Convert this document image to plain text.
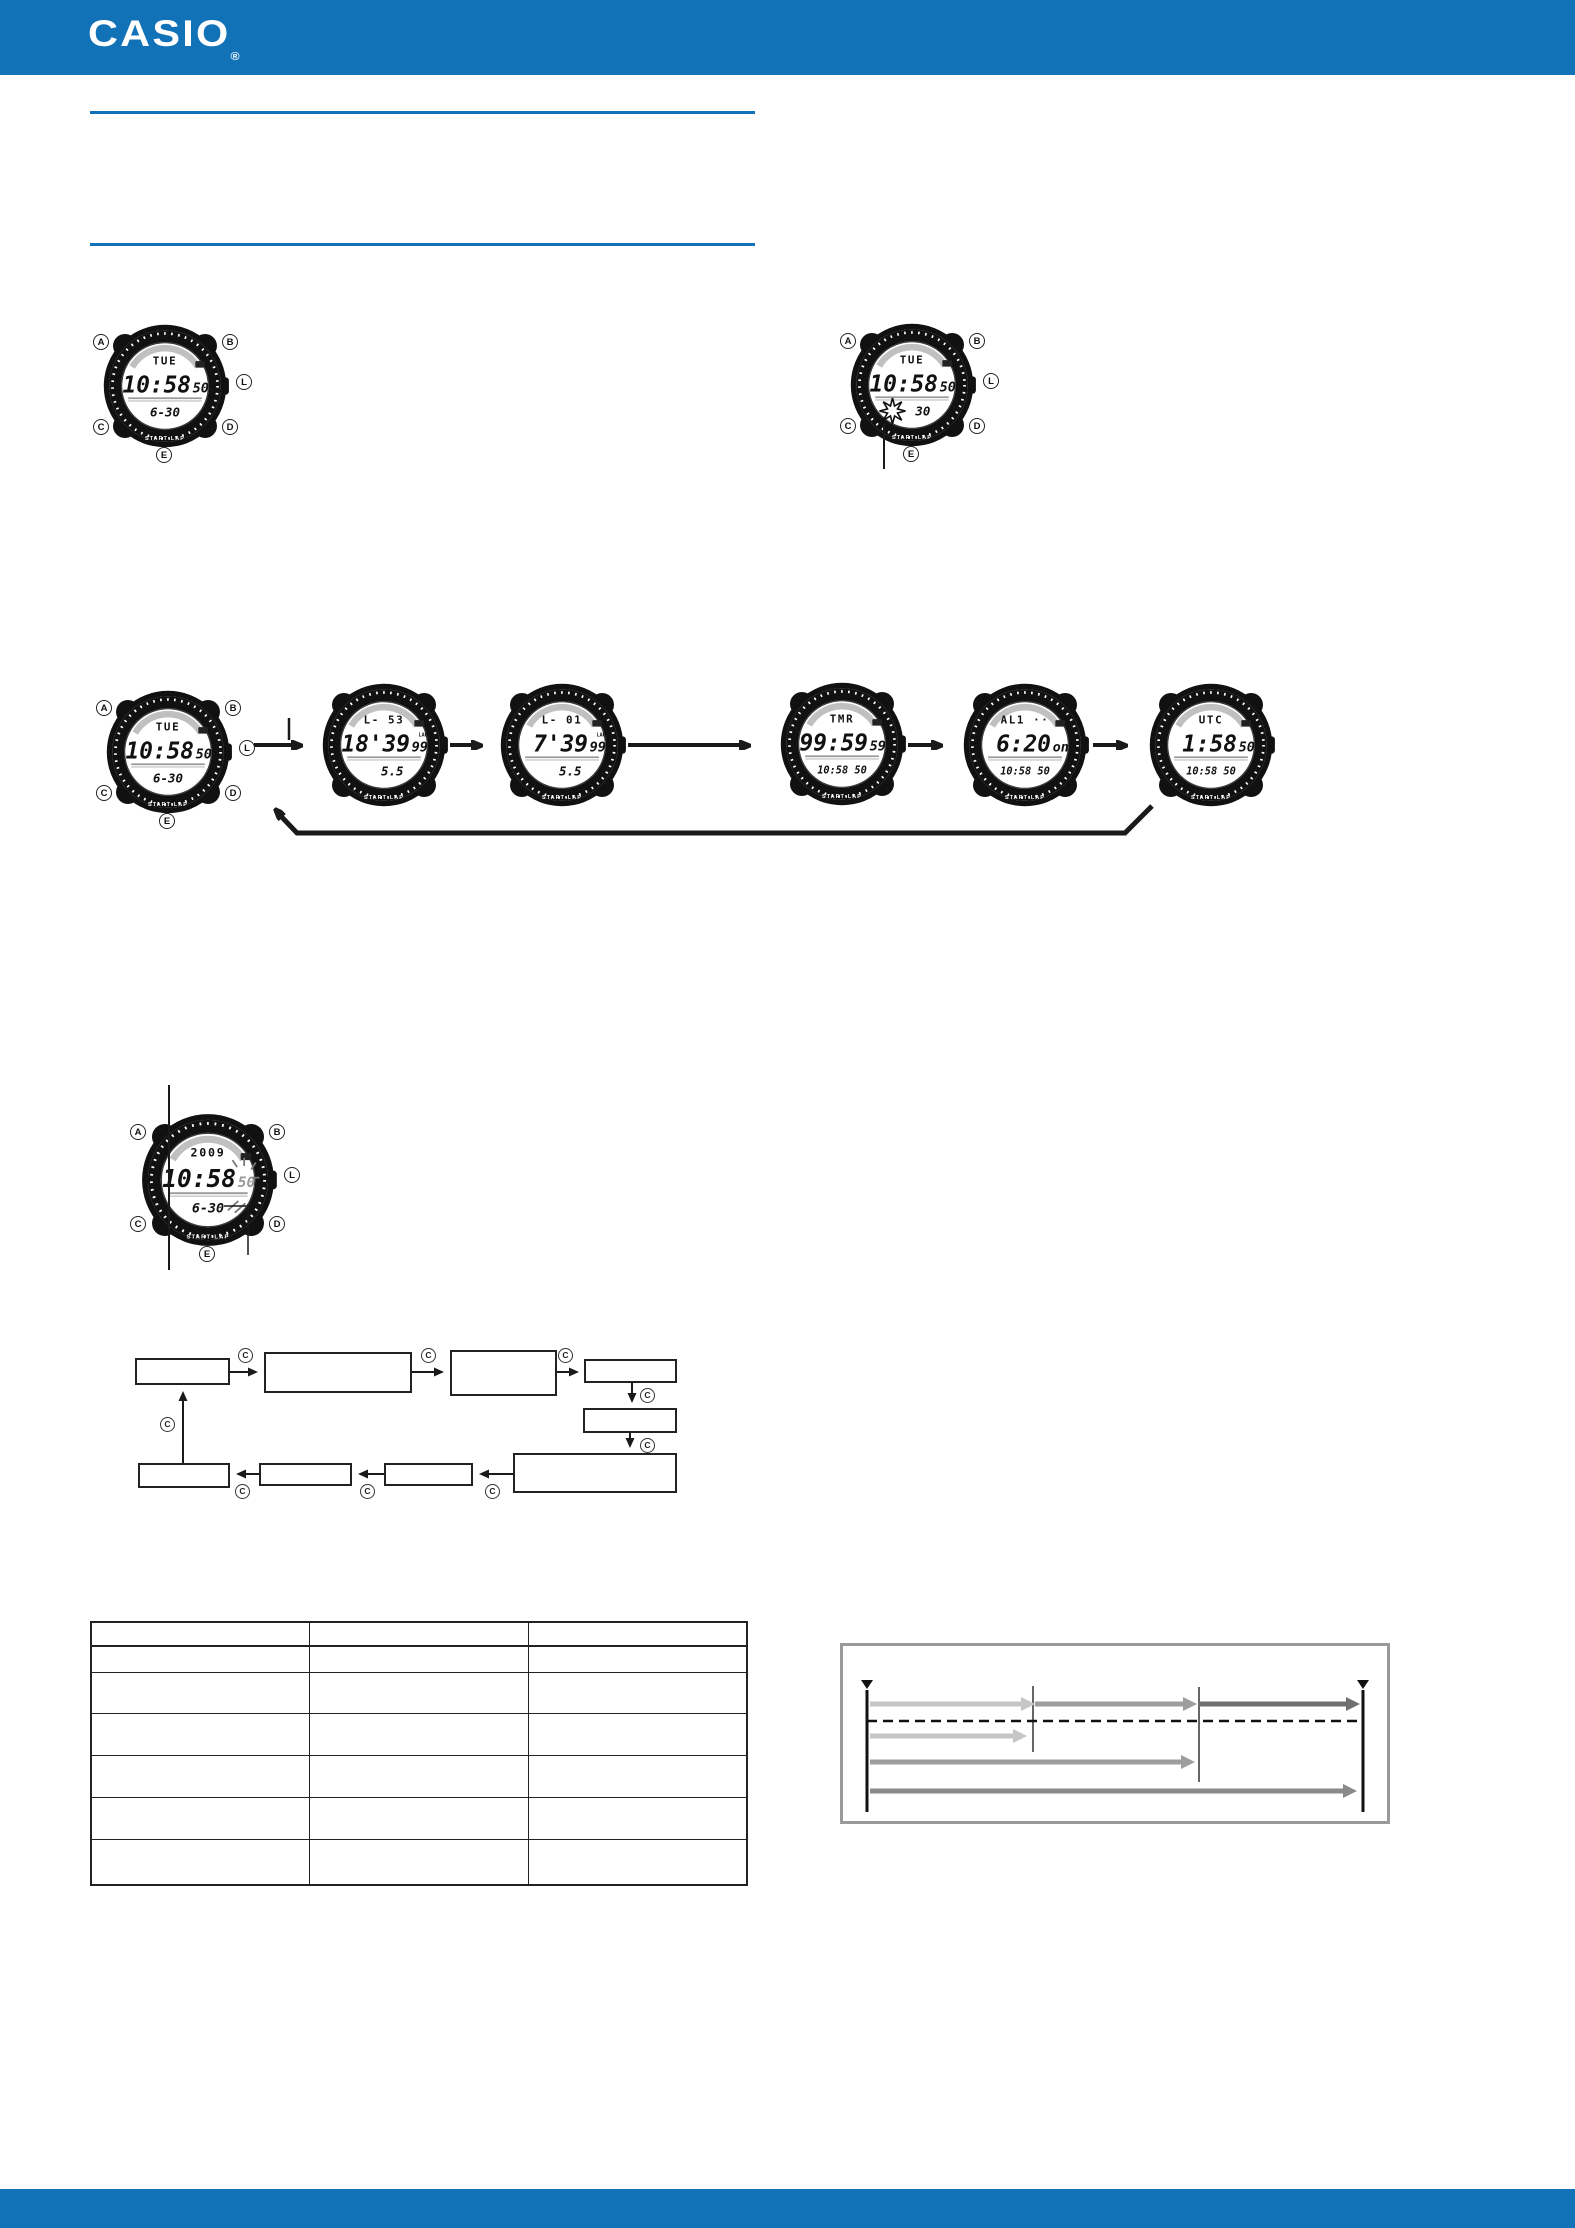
$CASIO_®$
TUE
10:58 50
6-30
A	B
L
C	D
E
TUE
10:58 50
30
A	B
L
C	D
E
TUE
10:58 50
6-30
A	B
L
C	D
E
L- 53
18'39 99
LAP
5.5
L- 01
7'39 99
LAP
5.5
TMR
99:59 59
10:58 50
AL1 ··
6:20 on
10:58 50
UTC
1:58 50
10:58 50
2009
10:58 50
6-30
A	B
L
C	D
E
C	C	C
C
C
C
C
C
C
